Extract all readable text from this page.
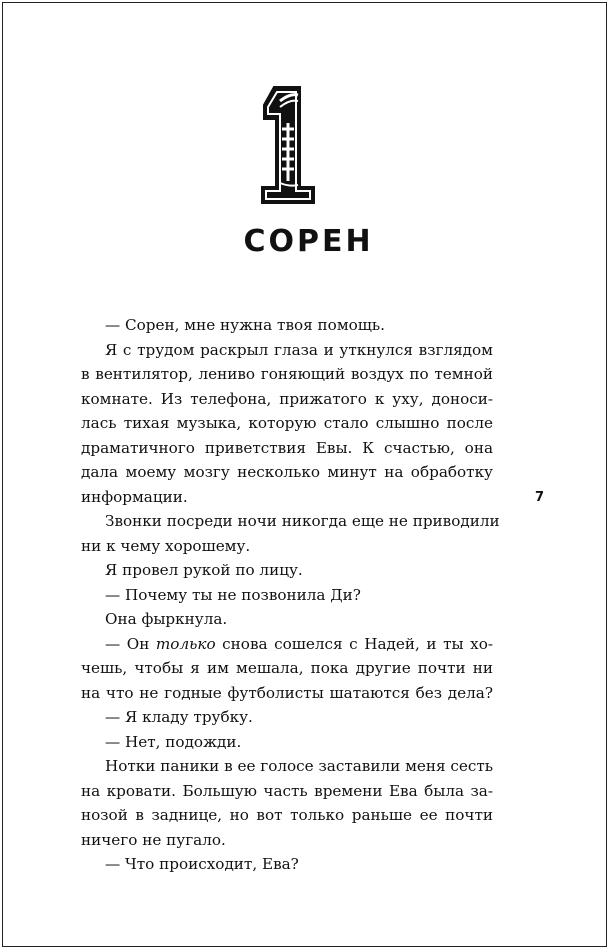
1
СОРЕН
— Сорен, мне нужна твоя помощь.
Я с трудом раскрыл глаза и уткнулся взглядом
в вентилятор, лениво гоняющий воздух по темной
комнате. Из телефона, прижатого к уху, доноси-
лась тихая музыка, которую стало слышно после
драматичного приветствия Евы. К счастью, она
дала моему мозгу несколько минут на обработку
информации.
Звонки посреди ночи никогда еще не приводили
ни к чему хорошему.
Я провел рукой по лицу.
— Почему ты не позвонила Ди?
Она фыркнула.
— Он только снова сошелся с Надей, и ты хо-
чешь, чтобы я им мешала, пока другие почти ни
на что не годные футболисты шатаются без дела?
— Я кладу трубку.
— Нет, подожди.
Нотки паники в ее голосе заставили меня сесть
на кровати. Большую часть времени Ева была за-
нозой в заднице, но вот только раньше ее почти
ничего не пугало.
— Что происходит, Ева?
7
